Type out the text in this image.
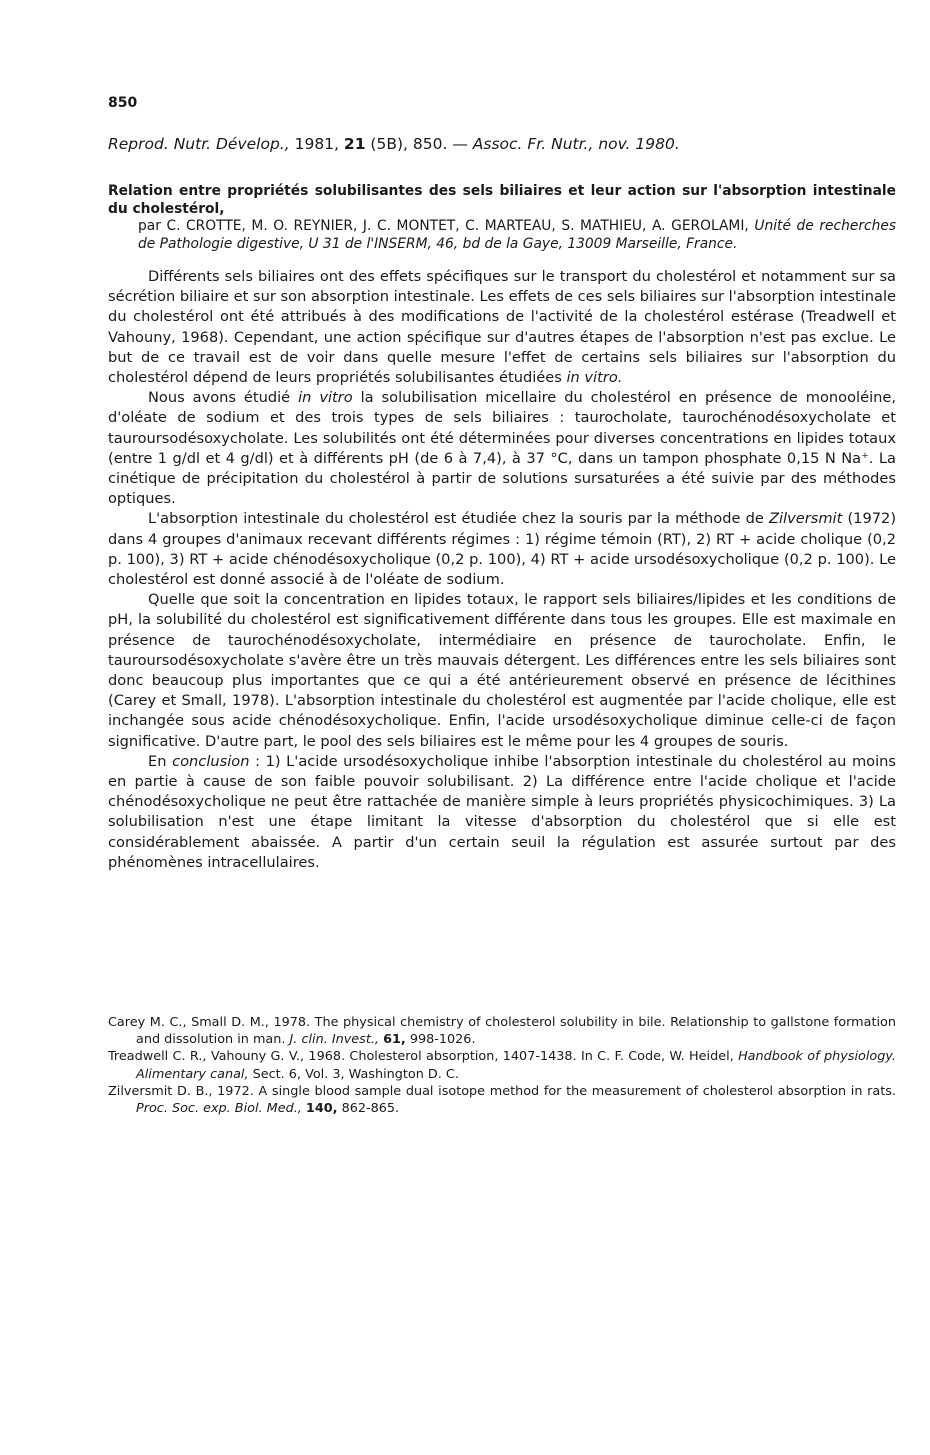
850
Reprod. Nutr. Dévelop., 1981, 21 (5B), 850. — Assoc. Fr. Nutr., nov. 1980.
Relation entre propriétés solubilisantes des sels biliaires et leur action sur l'absorption intestinale du cholestérol,
par C. CROTTE, M. O. REYNIER, J. C. MONTET, C. MARTEAU, S. MATHIEU, A. GEROLAMI, Unité de recherches de Pathologie digestive, U 31 de l'INSERM, 46, bd de la Gaye, 13009 Marseille, France.

Différents sels biliaires ont des effets spécifiques sur le transport du cholestérol et notamment sur sa sécrétion biliaire et sur son absorption intestinale. Les effets de ces sels biliaires sur l'absorption intestinale du cholestérol ont été attribués à des modifications de l'activité de la cholestérol estérase (Treadwell et Vahouny, 1968). Cependant, une action spécifique sur d'autres étapes de l'absorption n'est pas exclue. Le but de ce travail est de voir dans quelle mesure l'effet de certains sels biliaires sur l'absorption du cholestérol dépend de leurs propriétés solubilisantes étudiées in vitro.

Nous avons étudié in vitro la solubilisation micellaire du cholestérol en présence de monooléine, d'oléate de sodium et des trois types de sels biliaires : taurocholate, taurochénodésoxycholate et tauroursodésoxycholate. Les solubilités ont été déterminées pour diverses concentrations en lipides totaux (entre 1 g/dl et 4 g/dl) et à différents pH (de 6 à 7,4), à 37 °C, dans un tampon phosphate 0,15 N Na⁺. La cinétique de précipitation du cholestérol à partir de solutions sursaturées a été suivie par des méthodes optiques.

L'absorption intestinale du cholestérol est étudiée chez la souris par la méthode de Zilversmit (1972) dans 4 groupes d'animaux recevant différents régimes : 1) régime témoin (RT), 2) RT + acide cholique (0,2 p. 100), 3) RT + acide chénodésoxycholique (0,2 p. 100), 4) RT + acide ursodésoxycholique (0,2 p. 100). Le cholestérol est donné associé à de l'oléate de sodium.

Quelle que soit la concentration en lipides totaux, le rapport sels biliaires/lipides et les conditions de pH, la solubilité du cholestérol est significativement différente dans tous les groupes. Elle est maximale en présence de taurochénodésoxycholate, intermédiaire en présence de taurocholate. Enfin, le tauroursodésoxycholate s'avère être un très mauvais détergent. Les différences entre les sels biliaires sont donc beaucoup plus importantes que ce qui a été antérieurement observé en présence de lécithines (Carey et Small, 1978). L'absorption intestinale du cholestérol est augmentée par l'acide cholique, elle est inchangée sous acide chénodésoxycholique. Enfin, l'acide ursodésoxycholique diminue celle-ci de façon significative. D'autre part, le pool des sels biliaires est le même pour les 4 groupes de souris.

En conclusion : 1) L'acide ursodésoxycholique inhibe l'absorption intestinale du cholestérol au moins en partie à cause de son faible pouvoir solubilisant. 2) La différence entre l'acide cholique et l'acide chénodésoxycholique ne peut être rattachée de manière simple à leurs propriétés physicochimiques. 3) La solubilisation n'est une étape limitant la vitesse d'absorption du cholestérol que si elle est considérablement abaissée. A partir d'un certain seuil la régulation est assurée surtout par des phénomènes intracellulaires.

Carey M. C., Small D. M., 1978. The physical chemistry of cholesterol solubility in bile. Relationship to gallstone formation and dissolution in man. J. clin. Invest., 61, 998-1026.

Treadwell C. R., Vahouny G. V., 1968. Cholesterol absorption, 1407-1438. In C. F. Code, W. Heidel, Handbook of physiology. Alimentary canal, Sect. 6, Vol. 3, Washington D. C.

Zilversmit D. B., 1972. A single blood sample dual isotope method for the measurement of cholesterol absorption in rats. Proc. Soc. exp. Biol. Med., 140, 862-865.
